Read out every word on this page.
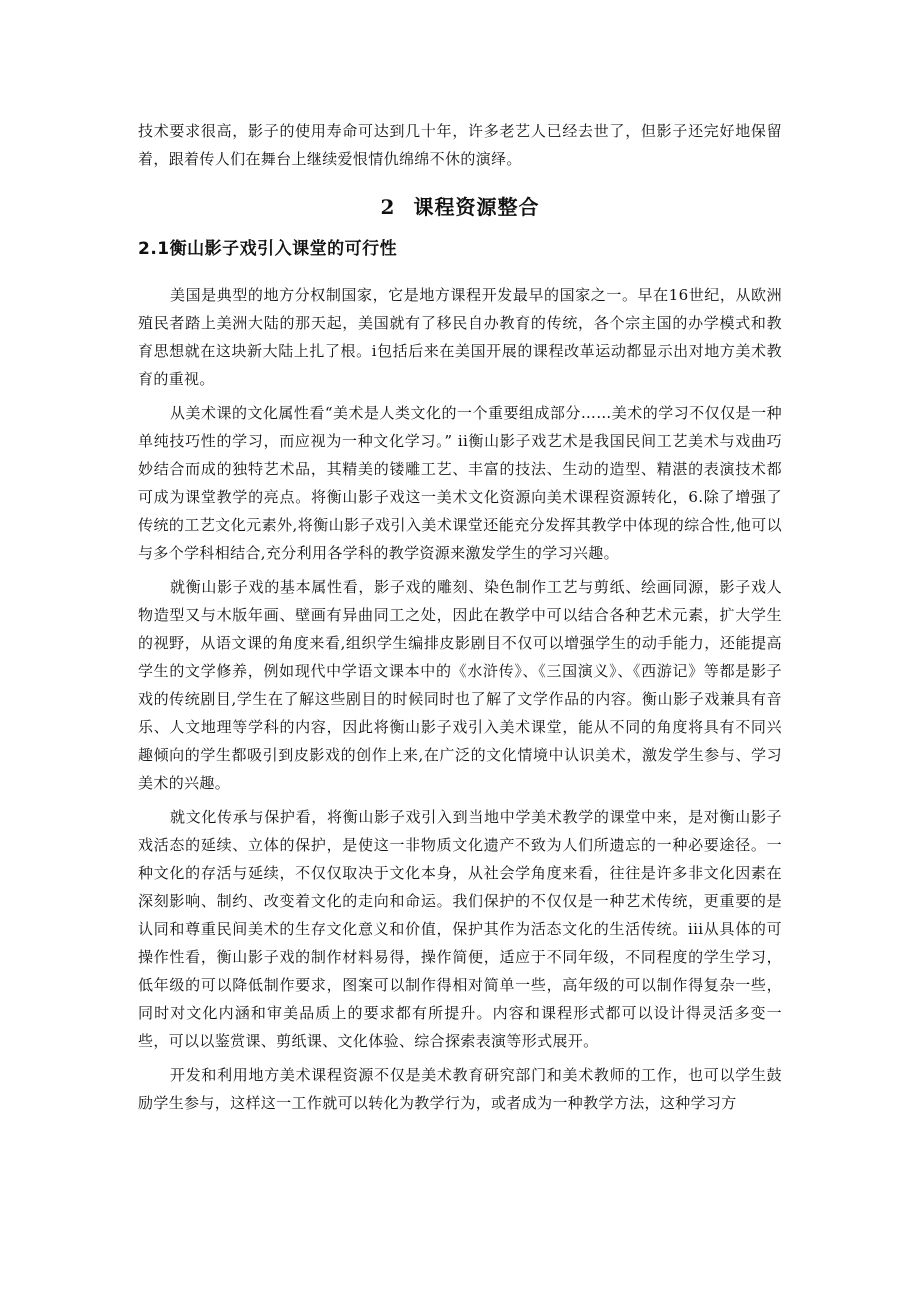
技术要求很高，影子的使用寿命可达到几十年，许多老艺人已经去世了，但影子还完好地保留着，跟着传人们在舞台上继续爱恨情仇绵绵不休的演绎。

2 课程资源整合
2.1衡山影子戏引入课堂的可行性

美国是典型的地方分权制国家，它是地方课程开发最早的国家之一。早在16世纪，从欧洲殖民者踏上美洲大陆的那天起，美国就有了移民自办教育的传统，各个宗主国的办学模式和教育思想就在这块新大陆上扎了根。i包括后来在美国开展的课程改革运动都显示出对地方美术教育的重视。

从美术课的文化属性看“美术是人类文化的一个重要组成部分……美术的学习不仅仅是一种单纯技巧性的学习，而应视为一种文化学习。” ii衡山影子戏艺术是我国民间工艺美术与戏曲巧妙结合而成的独特艺术品，其精美的镂雕工艺、丰富的技法、生动的造型、精湛的表演技术都可成为课堂教学的亮点。将衡山影子戏这一美术文化资源向美术课程资源转化，6.除了增强了传统的工艺文化元素外,将衡山影子戏引入美术课堂还能充分发挥其教学中体现的综合性,他可以与多个学科相结合,充分利用各学科的教学资源来激发学生的学习兴趣。

就衡山影子戏的基本属性看，影子戏的雕刻、染色制作工艺与剪纸、绘画同源，影子戏人物造型又与木版年画、壁画有异曲同工之处，因此在教学中可以结合各种艺术元素，扩大学生的视野，从语文课的角度来看,组织学生编排皮影剧目不仅可以增强学生的动手能力，还能提高学生的文学修养，例如现代中学语文课本中的《水浒传》、《三国演义》、《西游记》等都是影子戏的传统剧目,学生在了解这些剧目的时候同时也了解了文学作品的内容。衡山影子戏兼具有音乐、人文地理等学科的内容，因此将衡山影子戏引入美术课堂，能从不同的角度将具有不同兴趣倾向的学生都吸引到皮影戏的创作上来,在广泛的文化情境中认识美术，激发学生参与、学习美术的兴趣。

就文化传承与保护看，将衡山影子戏引入到当地中学美术教学的课堂中来，是对衡山影子戏活态的延续、立体的保护，是使这一非物质文化遗产不致为人们所遗忘的一种必要途径。一种文化的存活与延续，不仅仅取决于文化本身，从社会学角度来看，往往是许多非文化因素在深刻影响、制约、改变着文化的走向和命运。我们保护的不仅仅是一种艺术传统，更重要的是认同和尊重民间美术的生存文化意义和价值，保护其作为活态文化的生活传统。iii从具体的可操作性看，衡山影子戏的制作材料易得，操作简便，适应于不同年级，不同程度的学生学习，低年级的可以降低制作要求，图案可以制作得相对简单一些，高年级的可以制作得复杂一些，同时对文化内涵和审美品质上的要求都有所提升。内容和课程形式都可以设计得灵活多变一些，可以以鉴赏课、剪纸课、文化体验、综合探索表演等形式展开。

开发和利用地方美术课程资源不仅是美术教育研究部门和美术教师的工作，也可以学生鼓励学生参与，这样这一工作就可以转化为教学行为，或者成为一种教学方法，这种学习方
